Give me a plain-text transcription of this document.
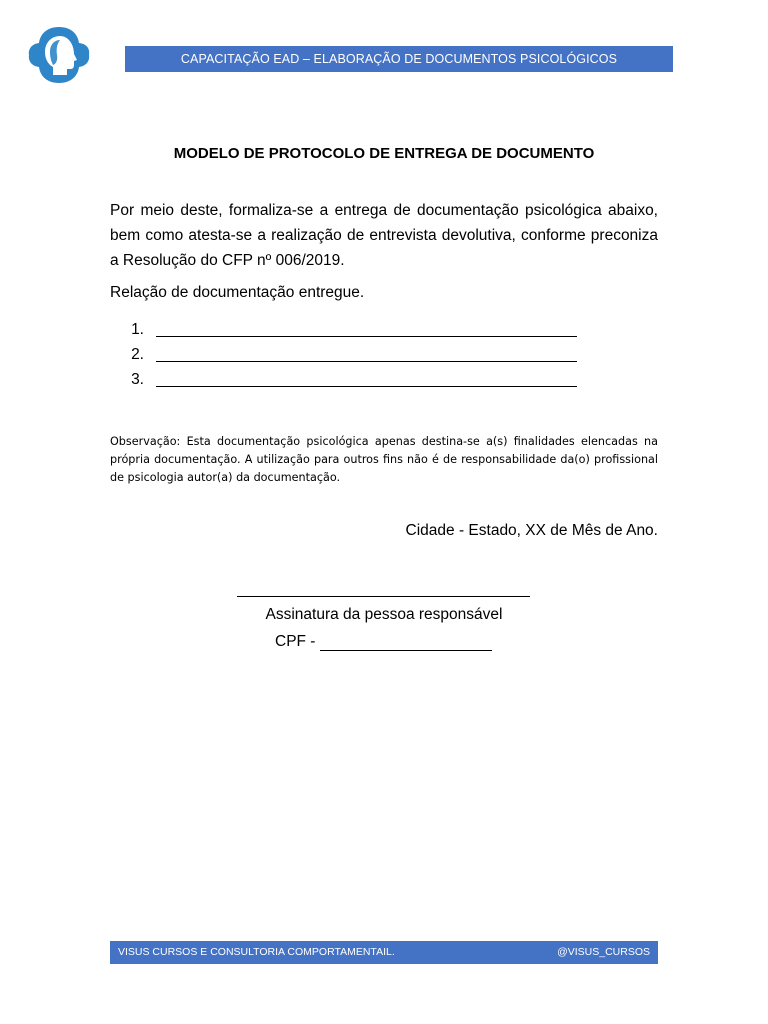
CAPACITAÇÃO EAD – ELABORAÇÃO DE DOCUMENTOS PSICOLÓGICOS
MODELO DE PROTOCOLO DE ENTREGA DE DOCUMENTO
Por meio deste, formaliza-se a entrega de documentação psicológica abaixo, bem como atesta-se a realização de entrevista devolutiva, conforme preconiza a Resolução do CFP nº 006/2019.
Relação de documentação entregue.
1.
2.
3.
Observação: Esta documentação psicológica apenas destina-se a(s) finalidades elencadas na própria documentação. A utilização para outros fins não é de responsabilidade da(o) profissional de psicologia autor(a) da documentação.
Cidade - Estado, XX de Mês de Ano.
Assinatura da pessoa responsável
CPF -
VISUS CURSOS E CONSULTORIA COMPORTAMENTAIL.	@VISUS_CURSOS
